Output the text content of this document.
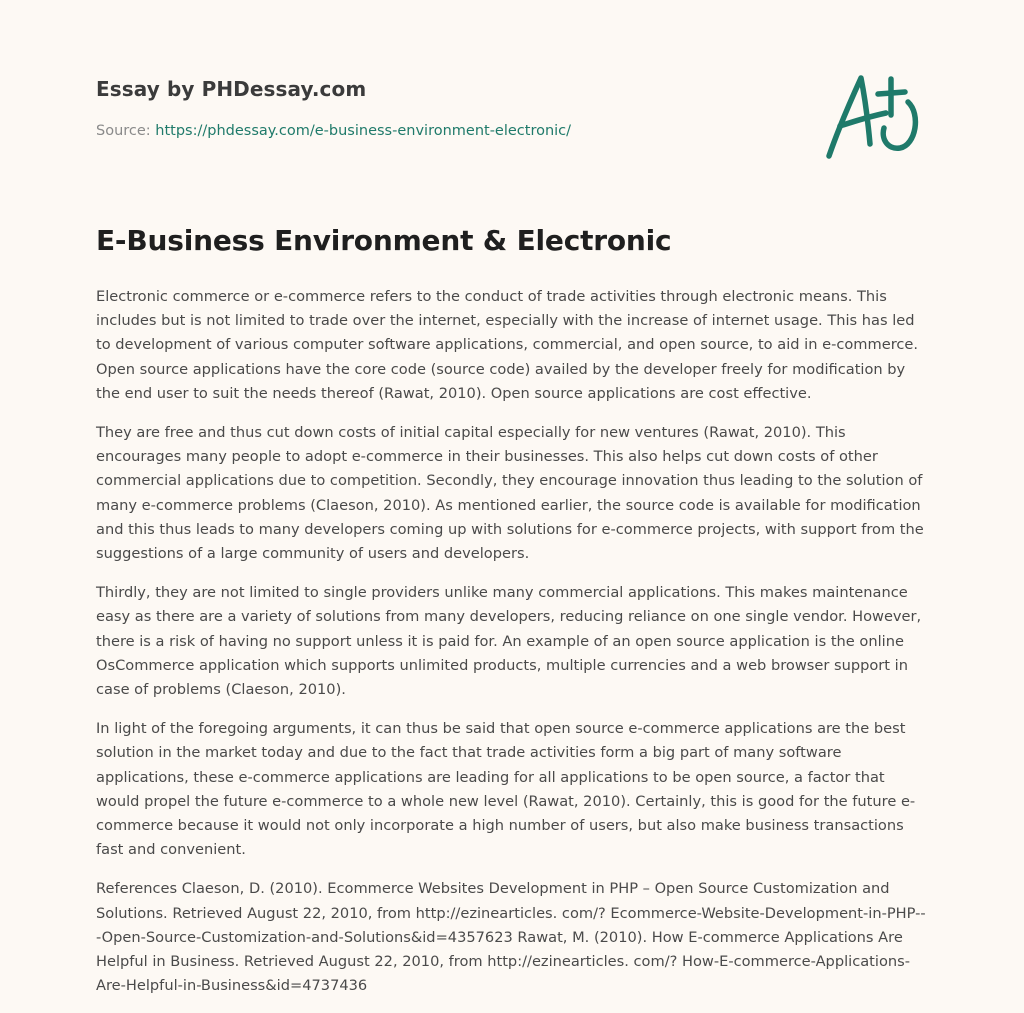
Essay by PHDessay.com
Source: https://phdessay.com/e-business-environment-electronic/
E-Business Environment & Electronic

Electronic commerce or e-commerce refers to the conduct of trade activities through electronic means. This includes but is not limited to trade over the internet, especially with the increase of internet usage. This has led to development of various computer software applications, commercial, and open source, to aid in e-commerce. Open source applications have the core code (source code) availed by the developer freely for modification by the end user to suit the needs thereof (Rawat, 2010). Open source applications are cost effective.

They are free and thus cut down costs of initial capital especially for new ventures (Rawat, 2010). This encourages many people to adopt e-commerce in their businesses. This also helps cut down costs of other commercial applications due to competition. Secondly, they encourage innovation thus leading to the solution of many e-commerce problems (Claeson, 2010). As mentioned earlier, the source code is available for modification and this thus leads to many developers coming up with solutions for e-commerce projects, with support from the suggestions of a large community of users and developers.

Thirdly, they are not limited to single providers unlike many commercial applications. This makes maintenance easy as there are a variety of solutions from many developers, reducing reliance on one single vendor. However, there is a risk of having no support unless it is paid for. An example of an open source application is the online OsCommerce application which supports unlimited products, multiple currencies and a web browser support in case of problems (Claeson, 2010).

In light of the foregoing arguments, it can thus be said that open source e-commerce applications are the best solution in the market today and due to the fact that trade activities form a big part of many software applications, these e-commerce applications are leading for all applications to be open source, a factor that would propel the future e-commerce to a whole new level (Rawat, 2010). Certainly, this is good for the future e-commerce because it would not only incorporate a high number of users, but also make business transactions fast and convenient.

References Claeson, D. (2010). Ecommerce Websites Development in PHP – Open Source Customization and Solutions. Retrieved August 22, 2010, from http://ezinearticles. com/? Ecommerce-Website-Development-in-PHP---Open-Source-Customization-and-Solutions&id=4357623 Rawat, M. (2010). How E-commerce Applications Are Helpful in Business. Retrieved August 22, 2010, from http://ezinearticles. com/? How-E-commerce-Applications-Are-Helpful-in-Business&id=4737436
